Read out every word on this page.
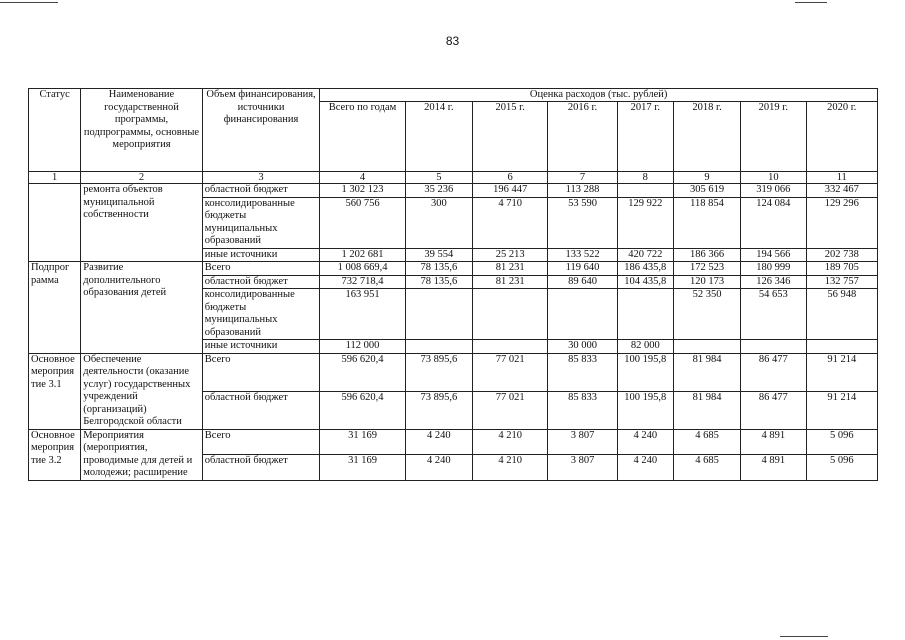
83
Статус	Наименование государственной программы, подпрограммы, основные мероприятия	Объем финансирования, источники финансирования	Оценка расходов (тыс. рублей)							
			Всего по годам	2014 г.	2015 г.	2016 г.	2017 г.	2018 г.	2019 г.	2020 г.
1	2	3	4	5	6	7	8	9	10	11
	ремонта объектов муниципальной собственности	областной бюджет	1 302 123	35 236	196 447	113 288		305 619	319 066	332 467
		консолидированные бюджеты муниципальных образований	560 756	300	4 710	53 590	129 922	118 854	124 084	129 296
		иные источники	1 202 681	39 554	25 213	133 522	420 722	186 366	194 566	202 738
Подпрог рамма	Развитие дополнительного образования детей	Всего	1 008 669,4	78 135,6	81 231	119 640	186 435,8	172 523	180 999	189 705
		областной бюджет	732 718,4	78 135,6	81 231	89 640	104 435,8	120 173	126 346	132 757
		консолидированные бюджеты муниципальных образований	163 951					52 350	54 653	56 948
		иные источники	112 000			30 000	82 000			
Основное мероприя тие 3.1	Обеспечение деятельности (оказание услуг) государственных учреждений (организаций) Белгородской области	Всего	596 620,4	73 895,6	77 021	85 833	100 195,8	81 984	86 477	91 214
		областной бюджет	596 620,4	73 895,6	77 021	85 833	100 195,8	81 984	86 477	91 214
Основное мероприя тие 3.2	Мероприятия (мероприятия, проводимые для детей и молодежи; расширение	Всего	31 169	4 240	4 210	3 807	4 240	4 685	4 891	5 096
		областной бюджет	31 169	4 240	4 210	3 807	4 240	4 685	4 891	5 096
